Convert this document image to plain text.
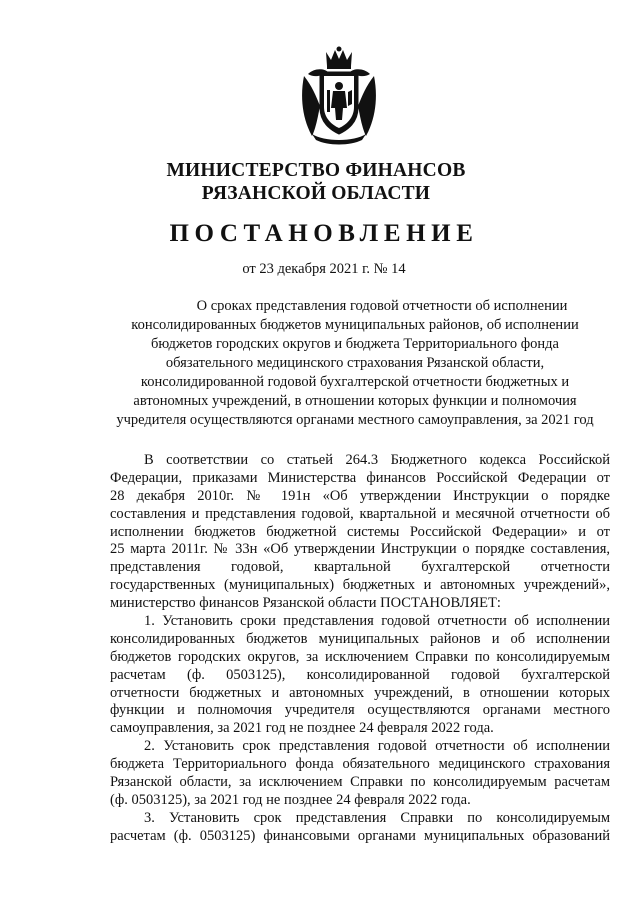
МИНИСТЕРСТВО ФИНАНСОВ
РЯЗАНСКОЙ ОБЛАСТИ
ПОСТАНОВЛЕНИЕ
от 23 декабря 2021 г. № 14
О сроках представления годовой отчетности об исполнении
консолидированных бюджетов муниципальных районов, об исполнении
бюджетов городских округов и бюджета Территориального фонда
обязательного медицинского страхования Рязанской области,
консолидированной годовой бухгалтерской отчетности бюджетных и
автономных учреждений, в отношении которых функции и полномочия
учредителя осуществляются органами местного самоуправления, за 2021 год
В соответствии со статьей 264.3 Бюджетного кодекса Российской
Федерации, приказами Министерства финансов Российской Федерации от
28 декабря 2010г. № 191н «Об утверждении Инструкции о порядке
составления и представления годовой, квартальной и месячной отчетности об
исполнении бюджетов бюджетной системы Российской Федерации» и от
25 марта 2011г. № 33н «Об утверждении Инструкции о порядке составления,
представления годовой, квартальной бухгалтерской отчетности
государственных (муниципальных) бюджетных и автономных учреждений»,
министерство финансов Рязанской области ПОСТАНОВЛЯЕТ:
1. Установить сроки представления годовой отчетности об исполнении
консолидированных бюджетов муниципальных районов и об исполнении
бюджетов городских округов, за исключением Справки по консолидируемым
расчетам (ф. 0503125), консолидированной годовой бухгалтерской
отчетности бюджетных и автономных учреждений, в отношении которых
функции и полномочия учредителя осуществляются органами местного
самоуправления, за 2021 год не позднее 24 февраля 2022 года.
2. Установить срок представления годовой отчетности об исполнении
бюджета Территориального фонда обязательного медицинского страхования
Рязанской области, за исключением Справки по консолидируемым расчетам
(ф. 0503125), за 2021 год не позднее 24 февраля 2022 года.
3. Установить срок представления Справки по консолидируемым
расчетам (ф. 0503125) финансовыми органами муниципальных образований
